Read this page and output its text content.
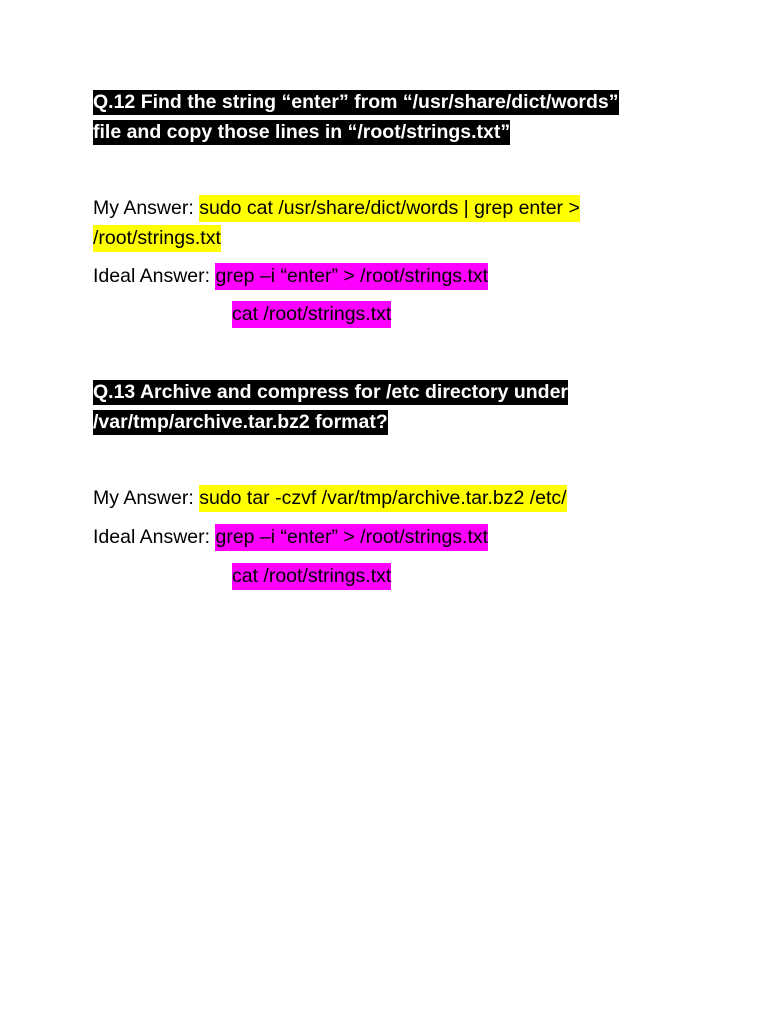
Q.12 Find the string “enter” from “/usr/share/dict/words”
file and copy those lines in “/root/strings.txt”
My Answer: sudo cat /usr/share/dict/words | grep enter >
/root/strings.txt
Ideal Answer: grep –i “enter” > /root/strings.txt
cat /root/strings.txt
Q.13 Archive and compress for /etc directory under
/var/tmp/archive.tar.bz2 format?
My Answer: sudo tar -czvf /var/tmp/archive.tar.bz2 /etc/
Ideal Answer: grep –i “enter” > /root/strings.txt
cat /root/strings.txt
